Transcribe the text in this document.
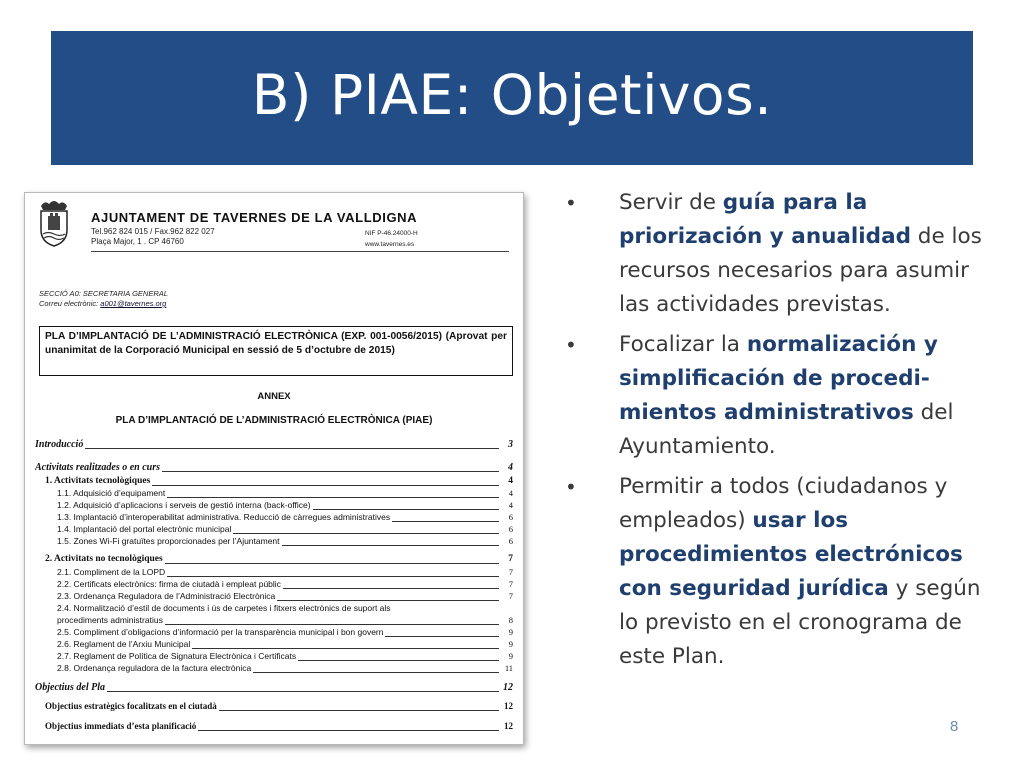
B) PIAE: Objetivos.
AJUNTAMENT DE TAVERNES DE LA VALLDIGNA
Tel.962 824 015 / Fax.962 822 027
Plaça Major, 1 . CP 46760
NIF P-46.24000-H
www.tavernes.es
SECCIÓ A0: SECRETARIA GENERAL
Correu electrònic: a001@tavernes.org
PLA D’IMPLANTACIÓ DE L’ADMINISTRACIÓ ELECTRÒNICA (EXP. 001-0056/2015) (Aprovat per unanimitat de la Corporació Municipal en sessió de 5 d’octubre de 2015)
ANNEX
PLA D’IMPLANTACIÓ DE L’ADMINISTRACIÓ ELECTRÒNICA (PIAE)
Introducció	3
Activitats realitzades o en curs	4
1. Activitats tecnològiques	4
1.1. Adquisició d’equipament	4
1.2. Adquisició d’aplicacions i serveis de gestió interna (back-office)	4
1.3. Implantació d’interoperabilitat administrativa. Reducció de càrregues administratives	6
1.4. Implantació del portal electrònic municipal	6
1.5. Zones Wi-Fi gratuïtes proporcionades per l’Ajuntament	6
2. Activitats no tecnològiques	7
2.1. Compliment de la LOPD	7
2.2. Certificats electrònics: firma de ciutadà i empleat públic	7
2.3. Ordenança Reguladora de l’Administració Electrònica	7
2.4. Normalització d’estil de documents i ús de carpetes i fitxers electrònics de suport als
procediments administratius	8
2.5. Compliment d’obligacions d’informació per la transparència municipal i bon govern	9
2.6. Reglament de l’Arxiu Municipal	9
2.7. Reglament de Política de Signatura Electrònica i Certificats	9
2.8. Ordenança reguladora de la factura electrònica	11
Objectius del Pla	12
Objectius estratègics focalitzats en el ciutadà	12
Objectius immediats d’esta planificació	12
• Servir de guía para la priorización y anualidad de los recursos necesarios para asumir las actividades previstas.
• Focalizar la normalización y simplificación de procedi-mientos administrativos del Ayuntamiento.
• Permitir a todos (ciudadanos y empleados) usar los procedimientos electrónicos con seguridad jurídica y según lo previsto en el cronograma de este Plan.
8
